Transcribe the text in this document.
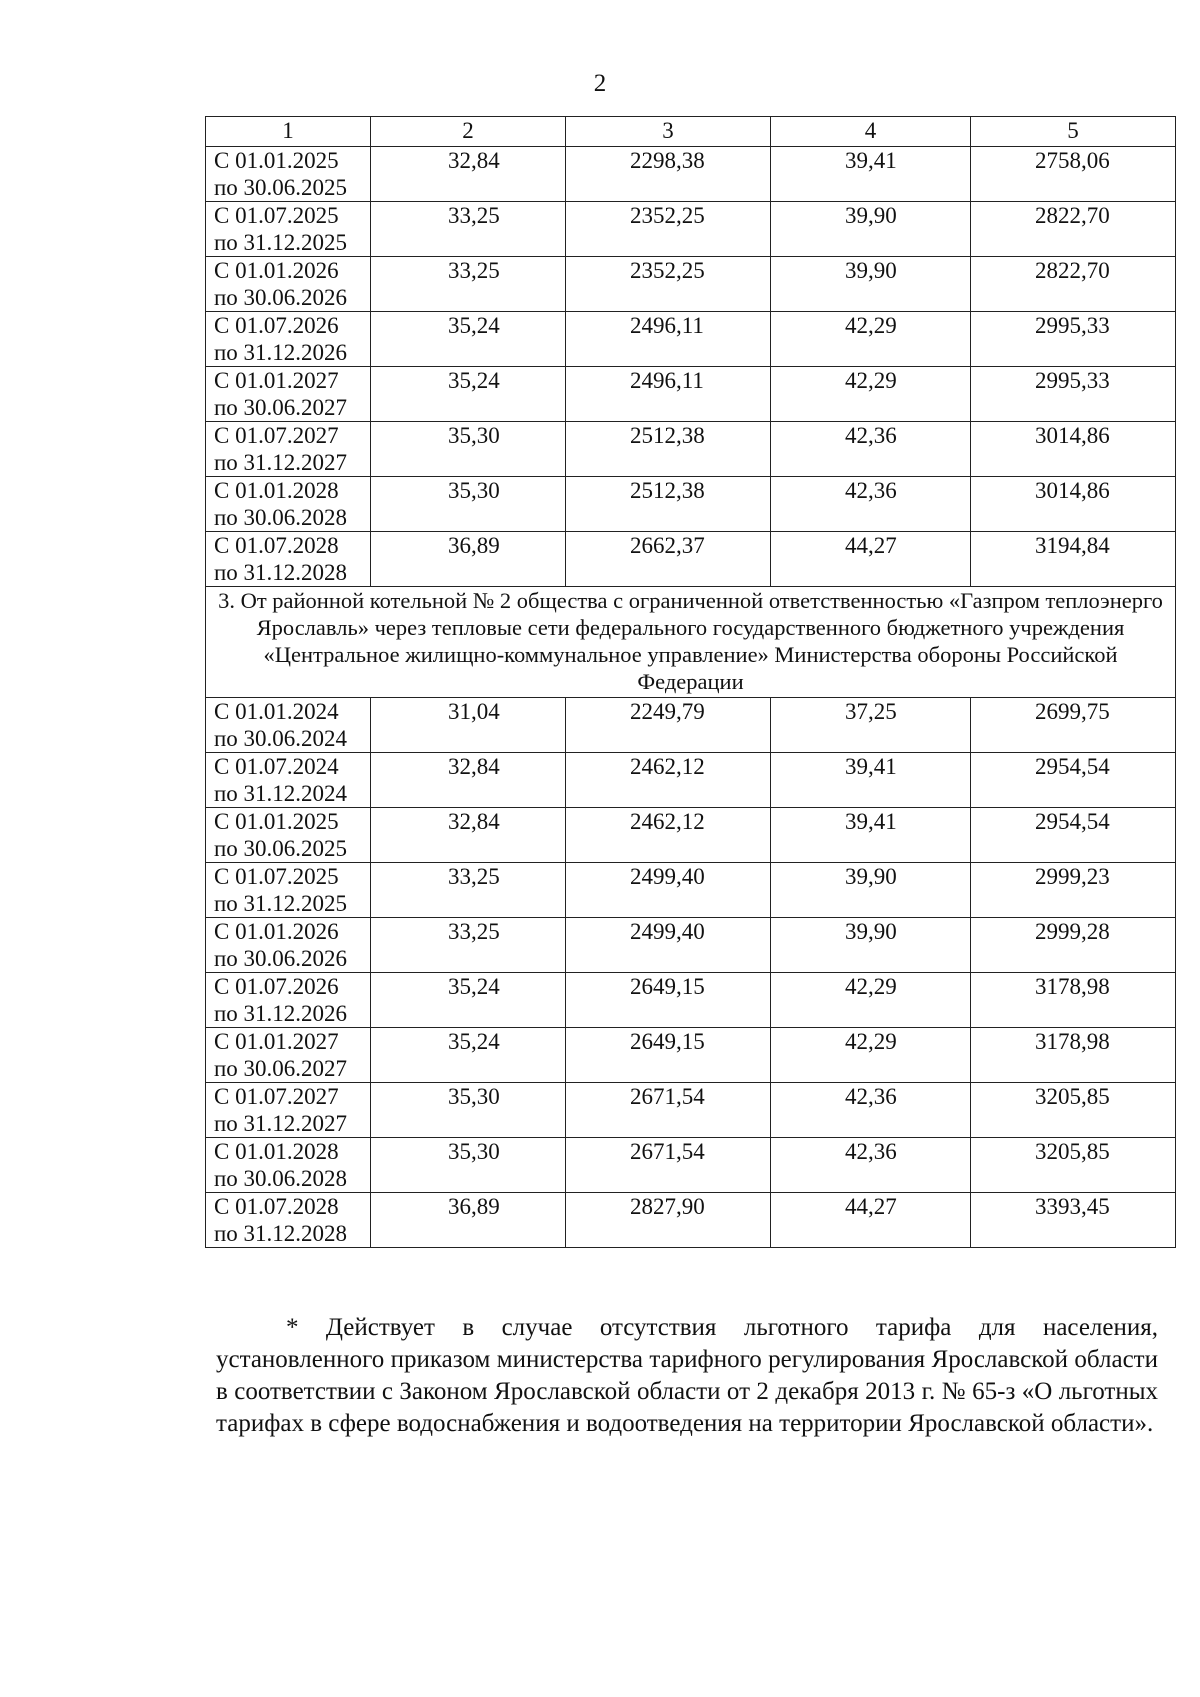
2
1	2	3	4	5

С 01.01.2025
по 30.06.2025	32,84	2298,38	39,41	2758,06

С 01.07.2025
по 31.12.2025	33,25	2352,25	39,90	2822,70

С 01.01.2026
по 30.06.2026	33,25	2352,25	39,90	2822,70

С 01.07.2026
по 31.12.2026	35,24	2496,11	42,29	2995,33

С 01.01.2027
по 30.06.2027	35,24	2496,11	42,29	2995,33

С 01.07.2027
по 31.12.2027	35,30	2512,38	42,36	3014,86

С 01.01.2028
по 30.06.2028	35,30	2512,38	42,36	3014,86

С 01.07.2028
по 31.12.2028	36,89	2662,37	44,27	3194,84

3. От районной котельной № 2 общества с ограниченной ответственностью «Газпром теплоэнерго Ярославль» через тепловые сети федерального государственного бюджетного учреждения «Центральное жилищно-коммунальное управление» Министерства обороны Российской Федерации				

С 01.01.2024
по 30.06.2024	31,04	2249,79	37,25	2699,75

С 01.07.2024
по 31.12.2024	32,84	2462,12	39,41	2954,54

С 01.01.2025
по 30.06.2025	32,84	2462,12	39,41	2954,54

С 01.07.2025
по 31.12.2025	33,25	2499,40	39,90	2999,23

С 01.01.2026
по 30.06.2026	33,25	2499,40	39,90	2999,28

С 01.07.2026
по 31.12.2026	35,24	2649,15	42,29	3178,98

С 01.01.2027
по 30.06.2027	35,24	2649,15	42,29	3178,98

С 01.07.2027
по 31.12.2027	35,30	2671,54	42,36	3205,85

С 01.01.2028
по 30.06.2028	35,30	2671,54	42,36	3205,85

С 01.07.2028
по 31.12.2028	36,89	2827,90	44,27	3393,45
* Действует в случае отсутствия льготного тарифа для населения, установленного приказом министерства тарифного регулирования Ярославской области в соответствии с Законом Ярославской области от 2 декабря 2013 г. № 65-з «О льготных тарифах в сфере водоснабжения и водоотведения на территории Ярославской области».
